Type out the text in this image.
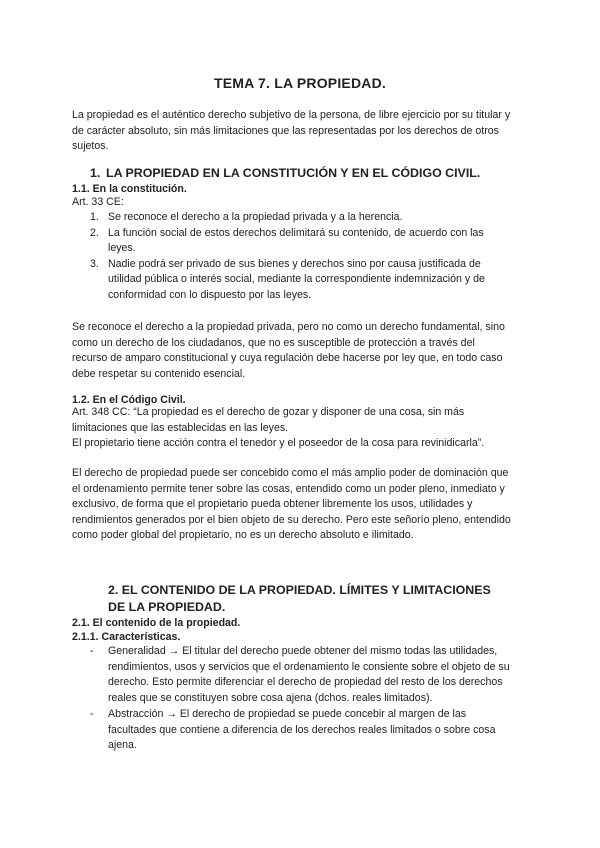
TEMA 7. LA PROPIEDAD.

La propiedad es el auténtico derecho subjetivo de la persona, de libre ejercicio por su titular y de carácter absoluto, sin más limitaciones que las representadas por los derechos de otros sujetos.

1. LA PROPIEDAD EN LA CONSTITUCIÓN Y EN EL CÓDIGO CIVIL.
1.1. En la constitución.
Art. 33 CE:
1. Se reconoce el derecho a la propiedad privada y a la herencia.
2. La función social de estos derechos delimitará su contenido, de acuerdo con las leyes.
3. Nadie podrá ser privado de sus bienes y derechos sino por causa justificada de utilidad pública o interés social, mediante la correspondiente indemnización y de conformidad con lo dispuesto por las leyes.

Se reconoce el derecho a la propiedad privada, pero no como un derecho fundamental, sino como un derecho de los ciudadanos, que no es susceptible de protección a través del recurso de amparo constitucional y cuya regulación debe hacerse por ley que, en todo caso debe respetar su contenido esencial.

1.2. En el Código Civil.
Art. 348 CC: “La propiedad es el derecho de gozar y disponer de una cosa, sin más limitaciones que las establecidas en las leyes.
El propietario tiene acción contra el tenedor y el poseedor de la cosa para revinidicarla”.

El derecho de propiedad puede ser concebido como el más amplio poder de dominación que el ordenamiento permite tener sobre las cosas, entendido como un poder pleno, inmediato y exclusivo, de forma que el propietario pueda obtener libremente los usos, utilidades y rendimientos generados por el bien objeto de su derecho. Pero este señorío pleno, entendido como poder global del propietario, no es un derecho absoluto e ilimitado.

2. EL CONTENIDO DE LA PROPIEDAD. LÍMITES Y LIMITACIONES DE LA PROPIEDAD.
2.1. El contenido de la propiedad.
2.1.1. Características.
- Generalidad → El titular del derecho puede obtener del mismo todas las utilidades, rendimientos, usos y servicios que el ordenamiento le consiente sobre el objeto de su derecho. Esto permite diferenciar el derecho de propiedad del resto de los derechos reales que se constituyen sobre cosa ajena (dchos. reales limitados).
- Abstracción → El derecho de propiedad se puede concebir al margen de las facultades que contiene a diferencia de los derechos reales limitados o sobre cosa ajena.
